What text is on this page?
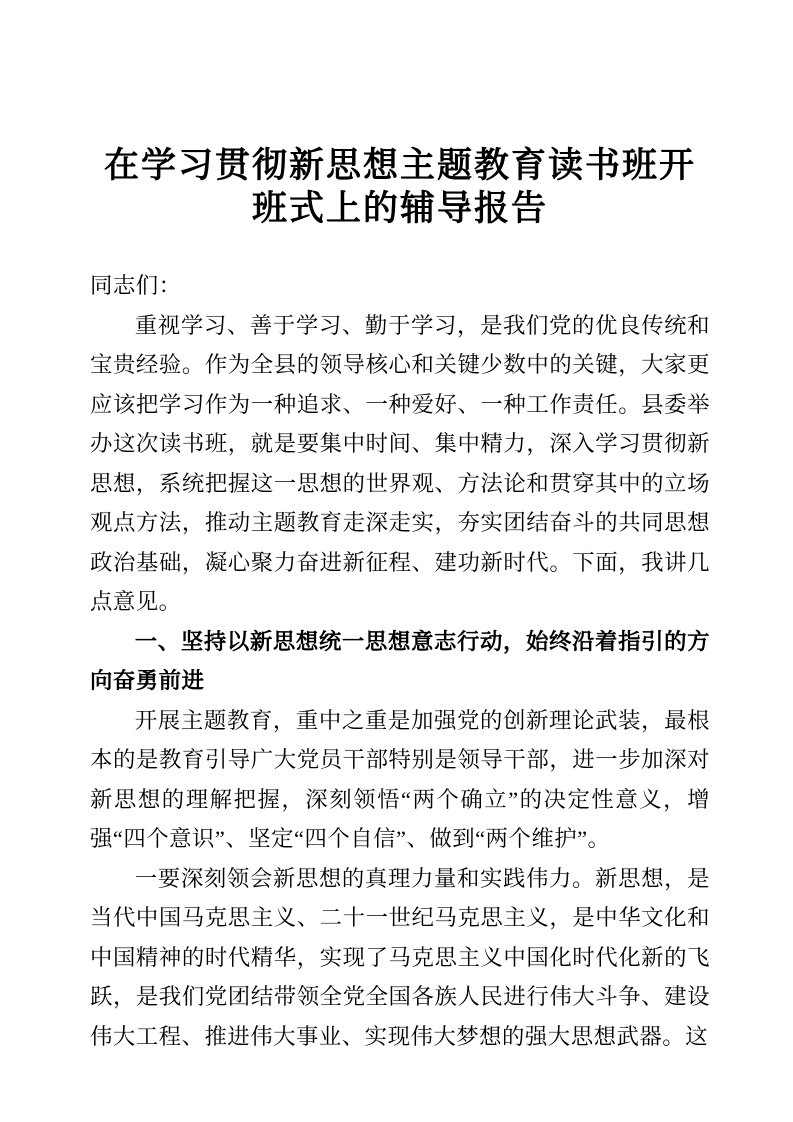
在学习贯彻新思想主题教育读书班开班式上的辅导报告

同志们：

重视学习、善于学习、勤于学习，是我们党的优良传统和宝贵经验。作为全县的领导核心和关键少数中的关键，大家更应该把学习作为一种追求、一种爱好、一种工作责任。县委举办这次读书班，就是要集中时间、集中精力，深入学习贯彻新思想，系统把握这一思想的世界观、方法论和贯穿其中的立场观点方法，推动主题教育走深走实，夯实团结奋斗的共同思想政治基础，凝心聚力奋进新征程、建功新时代。下面，我讲几点意见。

一、坚持以新思想统一思想意志行动，始终沿着指引的方向奋勇前进

开展主题教育，重中之重是加强党的创新理论武装，最根本的是教育引导广大党员干部特别是领导干部，进一步加深对新思想的理解把握，深刻领悟“两个确立”的决定性意义，增强“四个意识”、坚定“四个自信”、做到“两个维护”。

一要深刻领会新思想的真理力量和实践伟力。新思想，是当代中国马克思主义、二十一世纪马克思主义，是中华文化和中国精神的时代精华，实现了马克思主义中国化时代化新的飞跃，是我们党团结带领全党全国各族人民进行伟大斗争、建设伟大工程、推进伟大事业、实现伟大梦想的强大思想武器。这
